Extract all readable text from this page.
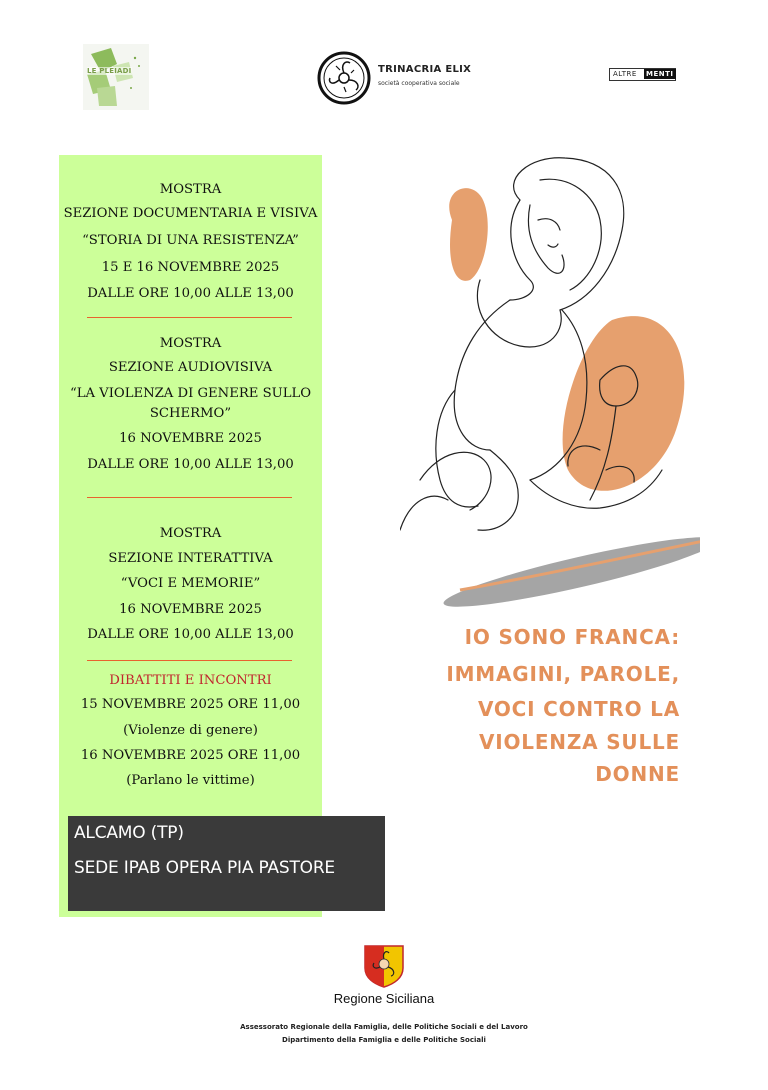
LE PLEIADI	TRINACRIA ELIX
società cooperativa sociale
ALTRE MENTI
MOSTRA
SEZIONE DOCUMENTARIA E VISIVA
“STORIA DI UNA RESISTENZA”
15 E 16 NOVEMBRE 2025
DALLE ORE 10,00 ALLE 13,00
MOSTRA
SEZIONE AUDIOVISIVA
“LA VIOLENZA DI GENERE SULLO
SCHERMO”
16 NOVEMBRE 2025
DALLE ORE 10,00 ALLE 13,00
MOSTRA
SEZIONE INTERATTIVA
“VOCI E MEMORIE”
16 NOVEMBRE 2025
DALLE ORE 10,00 ALLE 13,00
DIBATTITI E INCONTRI
15 NOVEMBRE 2025 ORE 11,00
(Violenze di genere)
16 NOVEMBRE 2025 ORE 11,00
(Parlano le vittime)
ALCAMO (TP)
SEDE IPAB OPERA PIA PASTORE
IO SONO FRANCA:
IMMAGINI, PAROLE,
VOCI CONTRO LA
VIOLENZA SULLE
DONNE
Regione Siciliana
Assessorato Regionale della Famiglia, delle Politiche Sociali e del Lavoro
Dipartimento della Famiglia e delle Politiche Sociali
